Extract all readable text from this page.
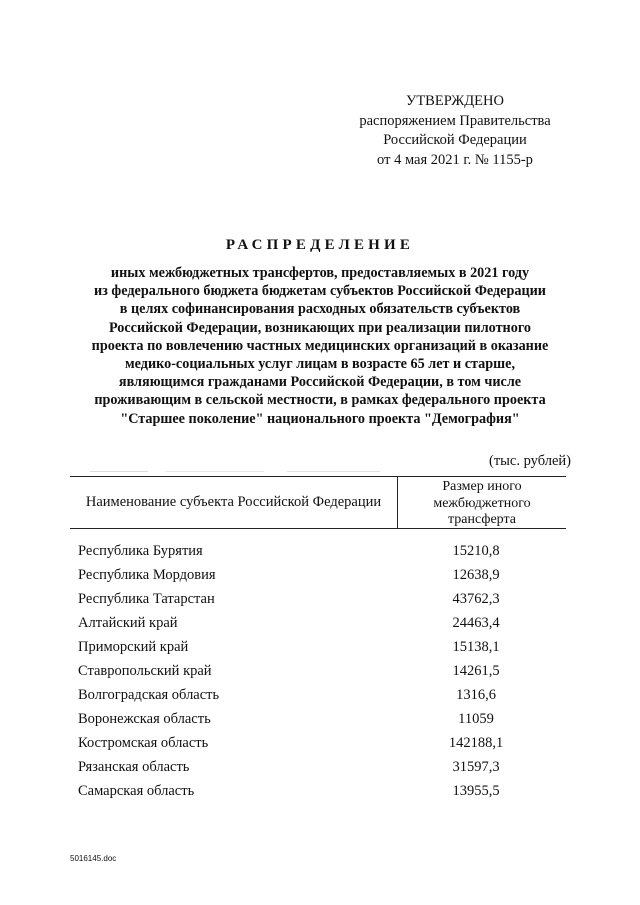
УТВЕРЖДЕНО
распоряжением Правительства
Российской Федерации
от 4 мая 2021 г. № 1155-р
РАСПРЕДЕЛЕНИЕ
иных межбюджетных трансфертов, предоставляемых в 2021 году
из федерального бюджета бюджетам субъектов Российской Федерации
в целях софинансирования расходных обязательств субъектов
Российской Федерации, возникающих при реализации пилотного
проекта по вовлечению частных медицинских организаций в оказание
медико-социальных услуг лицам в возрасте 65 лет и старше,
являющимся гражданами Российской Федерации, в том числе
проживающим в сельской местности, в рамках федерального проекта
"Старшее поколение" национального проекта "Демография"
(тыс. рублей)
Наименование субъекта Российской Федерации
Размер иного
межбюджетного
трансферта
Республика Бурятия	15210,8
Республика Мордовия	12638,9
Республика Татарстан	43762,3
Алтайский край	24463,4
Приморский край	15138,1
Ставропольский край	14261,5
Волгоградская область	1316,6
Воронежская область	11059
Костромская область	142188,1
Рязанская область	31597,3
Самарская область	13955,5
5016145.doc
